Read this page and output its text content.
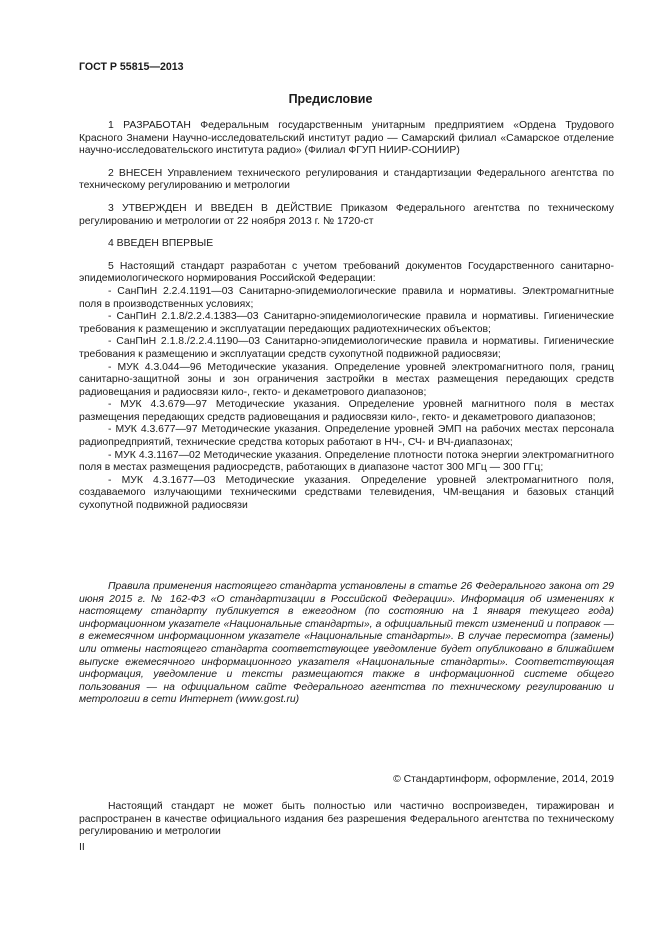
ГОСТ Р 55815—2013
Предисловие

1 РАЗРАБОТАН Федеральным государственным унитарным предприятием «Ордена Трудового Красного Знамени Научно-исследовательский институт радио — Самарский филиал «Самарское отделение научно-исследовательского института радио» (Филиал ФГУП НИИР-СОНИИР)

2 ВНЕСЕН Управлением технического регулирования и стандартизации Федерального агентства по техническому регулированию и метрологии

3 УТВЕРЖДЕН И ВВЕДЕН В ДЕЙСТВИЕ Приказом Федерального агентства по техническому регулированию и метрологии от 22 ноября 2013 г. № 1720-ст

4 ВВЕДЕН ВПЕРВЫЕ

5 Настоящий стандарт разработан с учетом требований документов Государственного санитарно-эпидемиологического нормирования Российской Федерации:

- СанПиН 2.2.4.1191—03 Санитарно-эпидемиологические правила и нормативы. Электромагнитные поля в производственных условиях;

- СанПиН 2.1.8/2.2.4.1383—03 Санитарно-эпидемиологические правила и нормативы. Гигиенические требования к размещению и эксплуатации передающих радиотехнических объектов;

- СанПиН 2.1.8./2.2.4.1190—03 Санитарно-эпидемиологические правила и нормативы. Гигиенические требования к размещению и эксплуатации средств сухопутной подвижной радиосвязи;

- МУК 4.3.044—96 Методические указания. Определение уровней электромагнитного поля, границ санитарно-защитной зоны и зон ограничения застройки в местах размещения передающих средств радиовещания и радиосвязи кило-, гекто- и декаметрового диапазонов;

- МУК 4.3.679—97 Методические указания. Определение уровней магнитного поля в местах размещения передающих средств радиовещания и радиосвязи кило-, гекто- и декаметрового диапазонов;

- МУК 4.3.677—97 Методические указания. Определение уровней ЭМП на рабочих местах персонала радиопредприятий, технические средства которых работают в НЧ-, СЧ- и ВЧ-диапазонах;

- МУК 4.3.1167—02 Методические указания. Определение плотности потока энергии электромагнитного поля в местах размещения радиосредств, работающих в диапазоне частот 300 МГц — 300 ГГц;

- МУК 4.3.1677—03 Методические указания. Определение уровней электромагнитного поля, создаваемого излучающими техническими средствами телевидения, ЧМ-вещания и базовых станций сухопутной подвижной радиосвязи

Правила применения настоящего стандарта установлены в статье 26 Федерального закона от 29 июня 2015 г. № 162-ФЗ «О стандартизации в Российской Федерации». Информация об изменениях к настоящему стандарту публикуется в ежегодном (по состоянию на 1 января текущего года) информационном указателе «Национальные стандарты», а официальный текст изменений и поправок — в ежемесячном информационном указателе «Национальные стандарты». В случае пересмотра (замены) или отмены настоящего стандарта соответствующее уведомление будет опубликовано в ближайшем выпуске ежемесячного информационного указателя «Национальные стандарты». Соответствующая информация, уведомление и тексты размещаются также в информационной системе общего пользования — на официальном сайте Федерального агентства по техническому регулированию и метрологии в сети Интернет (www.gost.ru)
© Стандартинформ, оформление, 2014, 2019
Настоящий стандарт не может быть полностью или частично воспроизведен, тиражирован и распространен в качестве официального издания без разрешения Федерального агентства по техническому регулированию и метрологии
II
